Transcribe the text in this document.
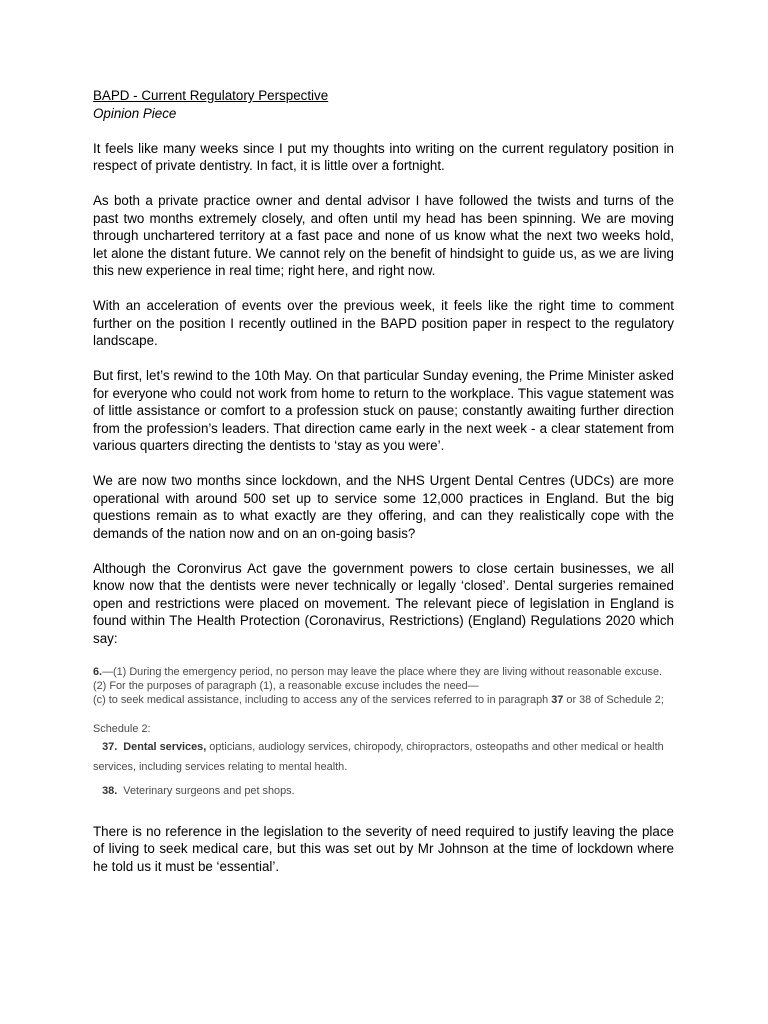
BAPD - Current Regulatory Perspective

Opinion Piece

It feels like many weeks since I put my thoughts into writing on the current regulatory position in respect of private dentistry. In fact, it is little over a fortnight.

As both a private practice owner and dental advisor I have followed the twists and turns of the past two months extremely closely, and often until my head has been spinning. We are moving through unchartered territory at a fast pace and none of us know what the next two weeks hold, let alone the distant future. We cannot rely on the benefit of hindsight to guide us, as we are living this new experience in real time; right here, and right now.

With an acceleration of events over the previous week, it feels like the right time to comment further on the position I recently outlined in the BAPD position paper in respect to the regulatory landscape.

But first, let’s rewind to the 10th May. On that particular Sunday evening, the Prime Minister asked for everyone who could not work from home to return to the workplace. This vague statement was of little assistance or comfort to a profession stuck on pause; constantly awaiting further direction from the profession’s leaders. That direction came early in the next week - a clear statement from various quarters directing the dentists to ‘stay as you were’.

We are now two months since lockdown, and the NHS Urgent Dental Centres (UDCs) are more operational with around 500 set up to service some 12,000 practices in England. But the big questions remain as to what exactly are they offering, and can they realistically cope with the demands of the nation now and on an on-going basis?

Although the Coronvirus Act gave the government powers to close certain businesses, we all know now that the dentists were never technically or legally ‘closed’. Dental surgeries remained open and restrictions were placed on movement. The relevant piece of legislation in England is found within The Health Protection (Coronavirus, Restrictions) (England) Regulations 2020 which say:

6.—(1) During the emergency period, no person may leave the place where they are living without reasonable excuse.

(2) For the purposes of paragraph (1), a reasonable excuse includes the need—

(c) to seek medical assistance, including to access any of the services referred to in paragraph 37 or 38 of Schedule 2;

Schedule 2:

37. Dental services, opticians, audiology services, chiropody, chiropractors, osteopaths and other medical or health services, including services relating to mental health.

38. Veterinary surgeons and pet shops.

There is no reference in the legislation to the severity of need required to justify leaving the place of living to seek medical care, but this was set out by Mr Johnson at the time of lockdown where he told us it must be ‘essential’.
